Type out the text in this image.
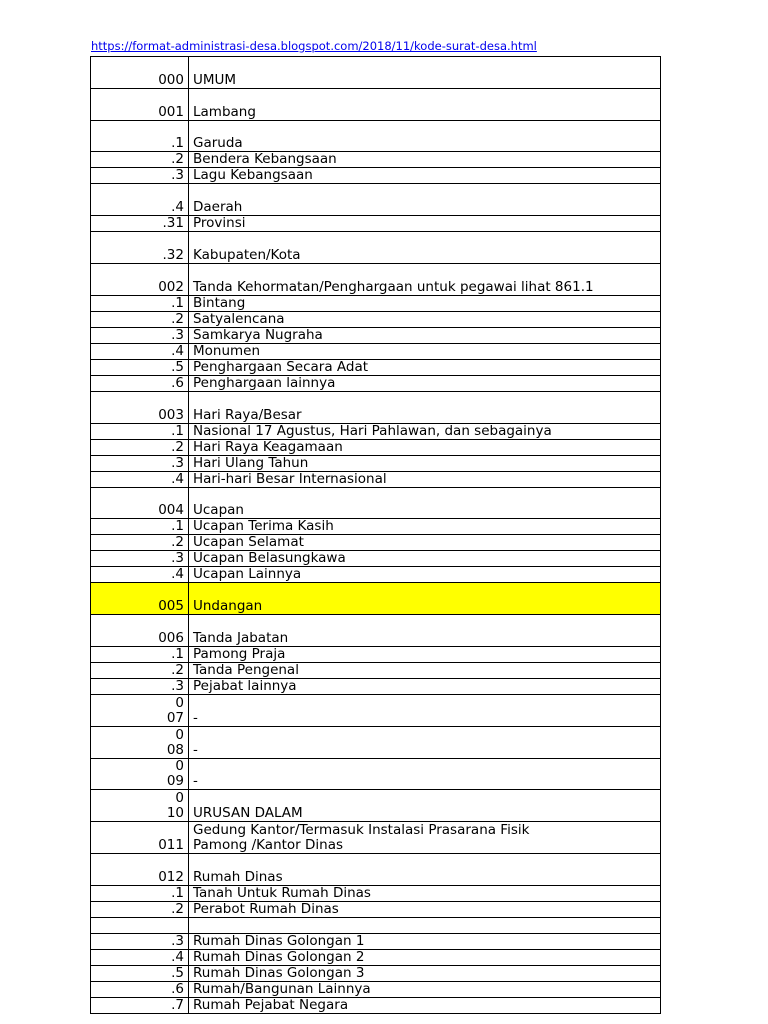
https://format-administrasi-desa.blogspot.com/2018/11/kode-surat-desa.html
000	UMUM
001	Lambang
.1	Garuda
.2	Bendera Kebangsaan
.3	Lagu Kebangsaan
.4	Daerah
.31	Provinsi
.32	Kabupaten/Kota
002	Tanda Kehormatan/Penghargaan untuk pegawai lihat 861.1
.1	Bintang
.2	Satyalencana
.3	Samkarya Nugraha
.4	Monumen
.5	Penghargaan Secara Adat
.6	Penghargaan lainnya
003	Hari Raya/Besar
.1	Nasional 17 Agustus, Hari Pahlawan, dan sebagainya
.2	Hari Raya Keagamaan
.3	Hari Ulang Tahun
.4	Hari-hari Besar Internasional
004	Ucapan
.1	Ucapan Terima Kasih
.2	Ucapan Selamat
.3	Ucapan Belasungkawa
.4	Ucapan Lainnya
005	Undangan
006	Tanda Jabatan
.1	Pamong Praja
.2	Tanda Pengenal
.3	Pejabat lainnya
0
07	-
0
08	-
0
09	-
0
10	URUSAN DALAM
011	Gedung Kantor/Termasuk Instalasi Prasarana Fisik
Pamong /Kantor Dinas
012	Rumah Dinas
.1	Tanah Untuk Rumah Dinas
.2	Perabot Rumah Dinas

.3	Rumah Dinas Golongan 1
.4	Rumah Dinas Golongan 2
.5	Rumah Dinas Golongan 3
.6	Rumah/Bangunan Lainnya
.7	Rumah Pejabat Negara
